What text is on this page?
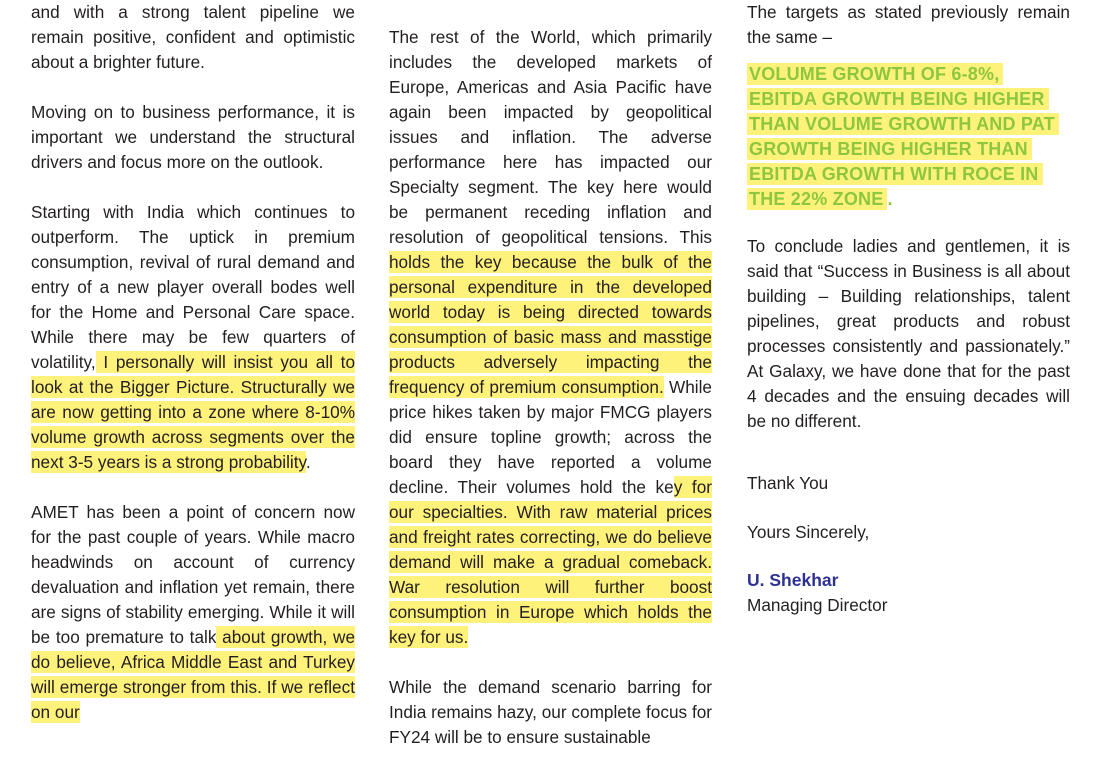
and with a strong talent pipeline we remain positive, confident and optimistic about a brighter future.

Moving on to business performance, it is important we understand the structural drivers and focus more on the outlook.

Starting with India which continues to outperform. The uptick in premium consumption, revival of rural demand and entry of a new player overall bodes well for the Home and Personal Care space. While there may be few quarters of volatility, I personally will insist you all to look at the Bigger Picture. Structurally we are now getting into a zone where 8-10% volume growth across segments over the next 3-5 years is a strong probability.

AMET has been a point of concern now for the past couple of years. While macro headwinds on account of currency devaluation and inflation yet remain, there are signs of stability emerging. While it will be too premature to talk about growth, we do believe, Africa Middle East and Turkey will emerge stronger from this. If we reflect on our

The rest of the World, which primarily includes the developed markets of Europe, Americas and Asia Pacific have again been impacted by geopolitical issues and inflation. The adverse performance here has impacted our Specialty segment. The key here would be permanent receding inflation and resolution of geopolitical tensions. This holds the key because the bulk of the personal expenditure in the developed world today is being directed towards consumption of basic mass and masstige products adversely impacting the frequency of premium consumption. While price hikes taken by major FMCG players did ensure topline growth; across the board they have reported a volume decline. Their volumes hold the key for our specialties. With raw material prices and freight rates correcting, we do believe demand will make a gradual comeback. War resolution will further boost consumption in Europe which holds the key for us.

While the demand scenario barring for India remains hazy, our complete focus for FY24 will be to ensure sustainable

The targets as stated previously remain the same –

VOLUME GROWTH OF 6-8%, EBITDA GROWTH BEING HIGHER THAN VOLUME GROWTH AND PAT GROWTH BEING HIGHER THAN EBITDA GROWTH WITH ROCE IN THE 22% ZONE .

To conclude ladies and gentlemen, it is said that “Success in Business is all about building – Building relationships, talent pipelines, great products and robust processes consistently and passionately.” At Galaxy, we have done that for the past 4 decades and the ensuing decades will be no different.

Thank You

Yours Sincerely,

U. Shekhar

Managing Director
